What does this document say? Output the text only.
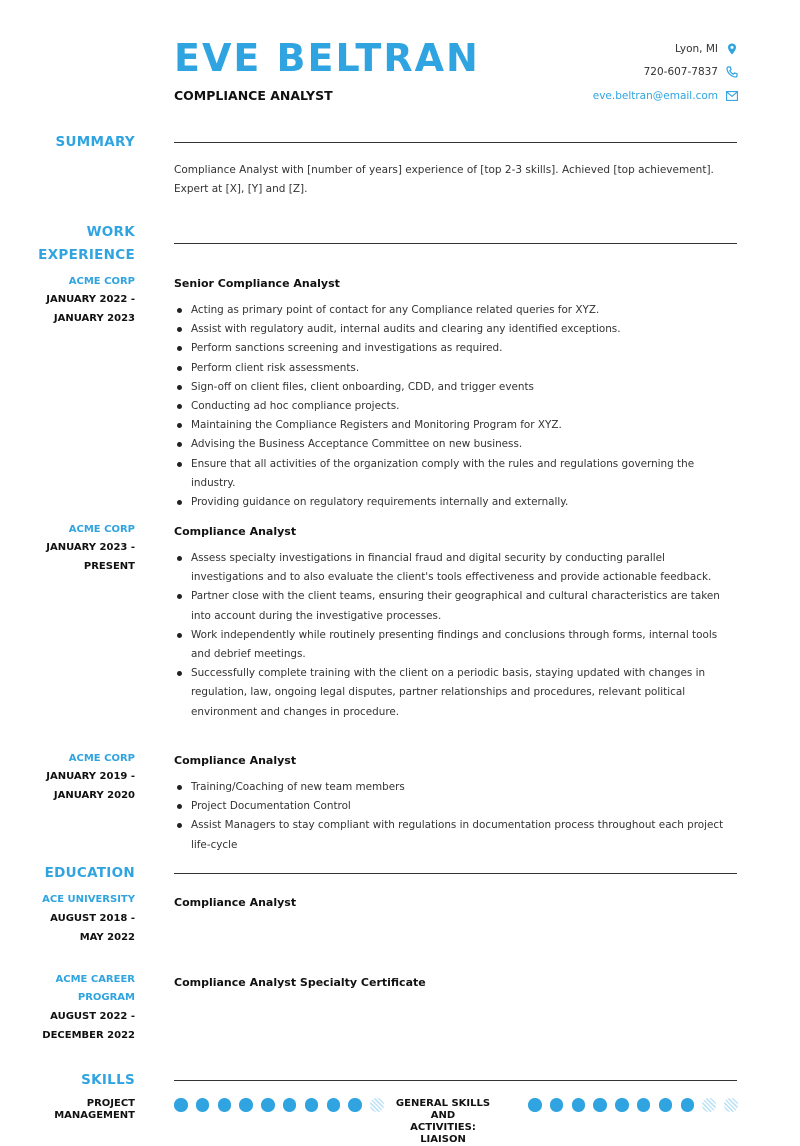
EVE BELTRAN
COMPLIANCE ANALYST
Lyon, MI
720-607-7837
eve.beltran@email.com
SUMMARY
Compliance Analyst with [number of years] experience of [top 2-3 skills]. Achieved [top achievement]. Expert at [X], [Y] and [Z].
WORK
EXPERIENCE
ACME CORP
JANUARY 2022 -
JANUARY 2023
Senior Compliance Analyst
Acting as primary point of contact for any Compliance related queries for XYZ.
Assist with regulatory audit, internal audits and clearing any identified exceptions.
Perform sanctions screening and investigations as required.
Perform client risk assessments.
Sign-off on client files, client onboarding, CDD, and trigger events
Conducting ad hoc compliance projects.
Maintaining the Compliance Registers and Monitoring Program for XYZ.
Advising the Business Acceptance Committee on new business.
Ensure that all activities of the organization comply with the rules and regulations governing the industry.
Providing guidance on regulatory requirements internally and externally.
ACME CORP
JANUARY 2023 -
PRESENT
Compliance Analyst
Assess specialty investigations in financial fraud and digital security by conducting parallel investigations and to also evaluate the client's tools effectiveness and provide actionable feedback.
Partner close with the client teams, ensuring their geographical and cultural characteristics are taken into account during the investigative processes.
Work independently while routinely presenting findings and conclusions through forms, internal tools and debrief meetings.
Successfully complete training with the client on a periodic basis, staying updated with changes in regulation, law, ongoing legal disputes, partner relationships and procedures, relevant political environment and changes in procedure.
ACME CORP
JANUARY 2019 -
JANUARY 2020
Compliance Analyst
Training/Coaching of new team members
Project Documentation Control
Assist Managers to stay compliant with regulations in documentation process throughout each project life-cycle
EDUCATION
ACE UNIVERSITY
AUGUST 2018 -
MAY 2022
Compliance Analyst
ACME CAREER
PROGRAM
AUGUST 2022 -
DECEMBER 2022
Compliance Analyst Specialty Certificate
SKILLS
PROJECT
MANAGEMENT
GENERAL SKILLS AND
ACTIVITIES: LIAISON
